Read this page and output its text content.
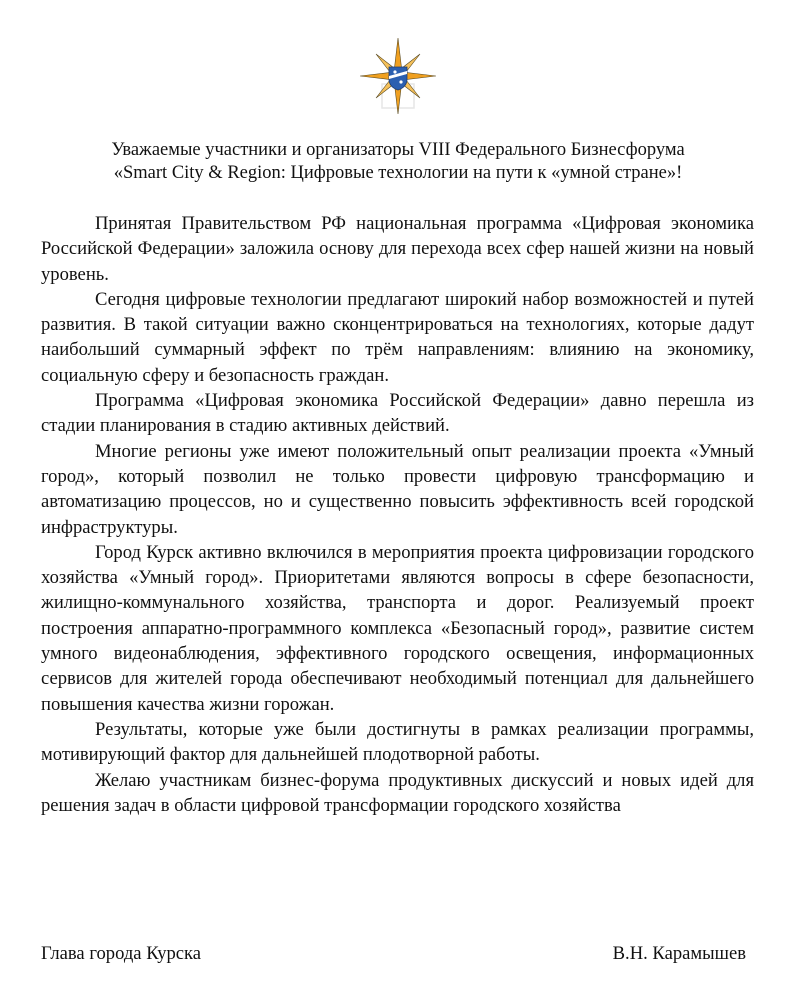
Уважаемые участники и организаторы VIII Федерального Бизнесфорума
«Smart City & Region: Цифровые технологии на пути к «умной стране»!

Принятая Правительством РФ национальная программа «Цифровая экономика Российской Федерации» заложила основу для перехода всех сфер нашей жизни на новый уровень.

Сегодня цифровые технологии предлагают широкий набор возможностей и путей развития. В такой ситуации важно сконцентрироваться на технологиях, которые дадут наибольший суммарный эффект по трём направлениям: влиянию на экономику, социальную сферу и безопасность граждан.

Программа «Цифровая экономика Российской Федерации» давно перешла из стадии планирования в стадию активных действий.

Многие регионы уже имеют положительный опыт реализации проекта «Умный город», который позволил не только провести цифровую трансформацию и автоматизацию процессов, но и существенно повысить эффективность всей городской инфраструктуры.

Город Курск активно включился в мероприятия проекта цифровизации городского хозяйства «Умный город». Приоритетами являются вопросы в сфере безопасности, жилищно-коммунального хозяйства, транспорта и дорог. Реализуемый проект построения аппаратно-программного комплекса «Безопасный город», развитие систем умного видеонаблюдения, эффективного городского освещения, информационных сервисов для жителей города обеспечивают необходимый потенциал для дальнейшего повышения качества жизни горожан.

Результаты, которые уже были достигнуты в рамках реализации программы, мотивирующий фактор для дальнейшей плодотворной работы.

Желаю участникам бизнес-форума продуктивных дискуссий и новых идей для решения задач в области цифровой трансформации городского хозяйства

Глава города Курска	В.Н. Карамышев
